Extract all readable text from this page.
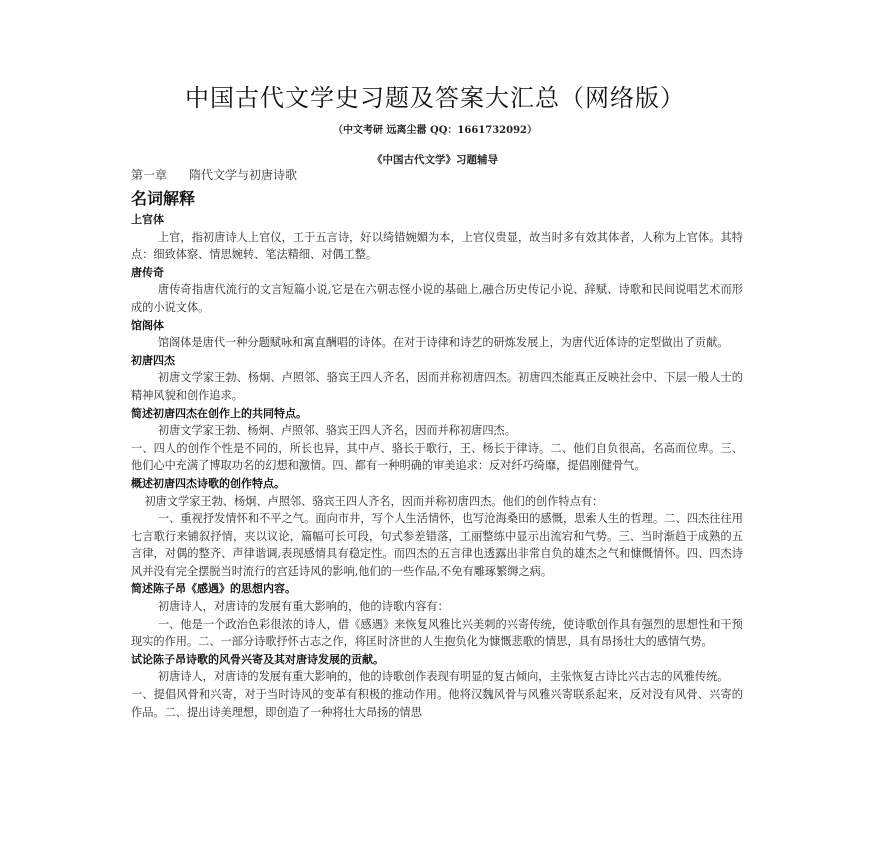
中国古代文学史习题及答案大汇总（网络版）
（中文考研 远离尘嚣 QQ：1661732092）
《中国古代文学》习题辅导
第一章 隋代文学与初唐诗歌
名词解释
上官体
上官，指初唐诗人上官仪，工于五言诗，好以绮错婉媚为本，上官仪贵显，故当时多有效其体者，人称为上官体。其特点：细致体察、情思婉转、笔法精细、对偶工整。
唐传奇
唐传奇指唐代流行的文言短篇小说,它是在六朝志怪小说的基础上,融合历史传记小说、辞赋、诗歌和民间说唱艺术而形成的小说文体。
馆阁体
馆阁体是唐代一种分题赋咏和寓直酬唱的诗体。在对于诗律和诗艺的研炼发展上，为唐代近体诗的定型做出了贡献。
初唐四杰
初唐文学家王勃、杨炯、卢照邻、骆宾王四人齐名，因而并称初唐四杰。初唐四杰能真正反映社会中、下层一般人士的精神风貌和创作追求。
简述初唐四杰在创作上的共同特点。
初唐文学家王勃、杨炯、卢照邻、骆宾王四人齐名，因而并称初唐四杰。
一、四人的创作个性是不同的，所长也异，其中卢、骆长于歌行，王、杨长于律诗。二、他们自负很高，名高而位卑。三、他们心中充满了博取功名的幻想和激情。四、都有一种明确的审美追求：反对纤巧绮靡，提倡刚健骨气。
概述初唐四杰诗歌的创作特点。
初唐文学家王勃、杨炯、卢照邻、骆宾王四人齐名，因而并称初唐四杰。他们的创作特点有：
一、重视抒发情怀和不平之气。面向市井，写个人生活情怀，也写沧海桑田的感慨，思索人生的哲理。二、四杰往往用七言歌行来铺叙抒情，夹以议论，篇幅可长可段，句式参差错落，工丽整练中显示出流宕和气势。三、当时渐趋于成熟的五言律，对偶的整齐、声律谐调,表现感情具有稳定性。而四杰的五言律也透露出非常自负的雄杰之气和慷慨情怀。四、四杰诗风并没有完全摆脱当时流行的宫廷诗风的影响,他们的一些作品,不免有雕琢繁缛之病。
简述陈子昂《感遇》的思想内容。
初唐诗人，对唐诗的发展有重大影响的，他的诗歌内容有：
一、他是一个政治色彩很浓的诗人，借《感遇》来恢复风雅比兴美刺的兴寄传统，使诗歌创作具有强烈的思想性和干预现实的作用。二、一部分诗歌抒怀古志之作，将匡时济世的人生抱负化为慷慨悲歌的情思，具有昂扬壮大的感情气势。
试论陈子昂诗歌的风骨兴寄及其对唐诗发展的贡献。
初唐诗人，对唐诗的发展有重大影响的，他的诗歌创作表现有明显的复古倾向，主张恢复古诗比兴古志的风雅传统。
一、提倡风骨和兴寄，对于当时诗风的变革有积极的推动作用。他将汉魏风骨与风雅兴寄联系起来，反对没有风骨、兴寄的作品。二、提出诗美理想，即创造了一种将壮大昂扬的情思
